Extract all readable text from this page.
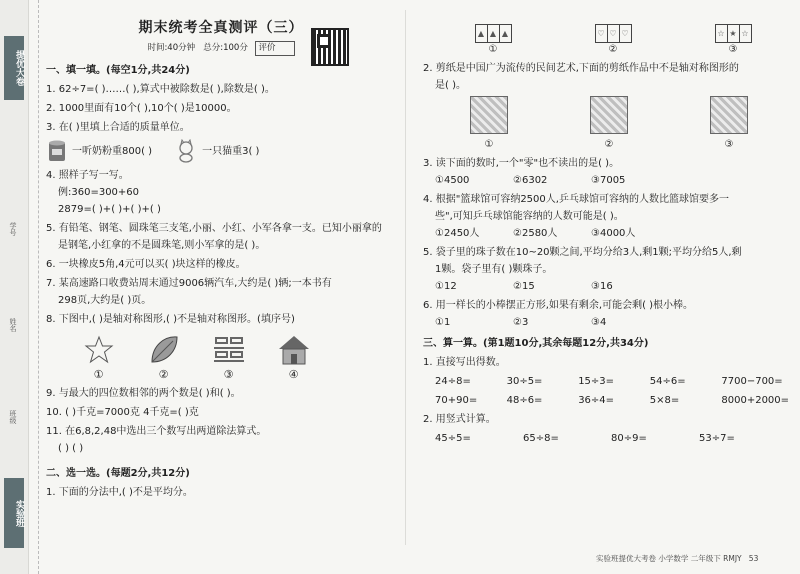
提优大卷
学号
姓名
班级
实验班
期末统考全真测评（三）
时间:40分钟 总分:100分 评价
一、填一填。(每空1分,共24分)
1. 62÷7=( )……( ),算式中被除数是( ),除数是( )。
2. 1000里面有10个( ),10个( )是10000。
3. 在( )里填上合适的质量单位。
一听奶粉重800( )	一只猫重3( )
4. 照样子写一写。
例:360=300+60
2879=( )+( )+( )+( )
5. 有铅笔、钢笔、圆珠笔三支笔,小丽、小红、小军各拿一支。已知小丽拿的
是钢笔,小红拿的不是圆珠笔,则小军拿的是( )。
6. 一块橡皮5角,4元可以买( )块这样的橡皮。
7. 某高速路口收费站周末通过9006辆汽车,大约是( )辆;一本书有
298页,大约是( )页。
8. 下图中,( )是轴对称图形,( )不是轴对称图形。(填序号)
①	②	③	④
9. 与最大的四位数相邻的两个数是( )和( )。
10. ( )千克=7000克 4千克=( )克
11. 在6,8,2,48中选出三个数写出两道除法算式。
( ) ( )
二、选一选。(每题2分,共12分)
1. 下面的分法中,( )不是平均分。
▲ ▲ ▲
①
♡ ♡ ♡
②
☆ ★ ☆
③
2. 剪纸是中国广为流传的民间艺术,下面的剪纸作品中不是轴对称图形的
是( )。
①	②	③
3. 读下面的数时,一个"零"也不读出的是( )。
①4500	②6302	③7005
4. 根据"篮球馆可容纳2500人,乒乓球馆可容纳的人数比篮球馆要多一
些",可知乒乓球馆能容纳的人数可能是( )。
①2450人	②2580人	③4000人
5. 袋子里的珠子数在10~20颗之间,平均分给3人,剩1颗;平均分给5人,剩
1颗。袋子里有( )颗珠子。
①12	②15	③16
6. 用一样长的小棒摆正方形,如果有剩余,可能会剩( )根小棒。
①1	②3	③4
三、算一算。(第1题10分,其余每题12分,共34分)
1. 直接写出得数。
24÷8=	30÷5=	15÷3=	54÷6=	7700−700=
70+90=	48÷6=	36÷4=	5×8=	8000+2000=
2. 用竖式计算。
45÷5=	65÷8=	80÷9=	53÷7=
实验班提优大考卷 小学数学 二年级下 RMJY 53
